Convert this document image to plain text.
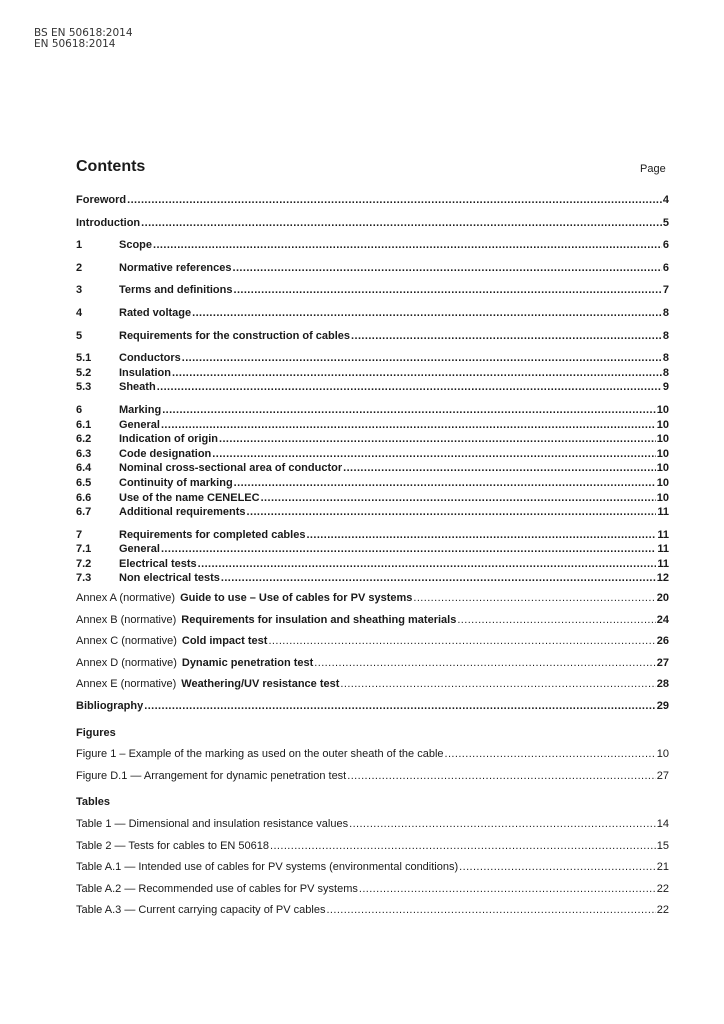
BS EN 50618:2014
EN 50618:2014
Contents	Page
Foreword .....	4
Introduction .....	5
1	Scope .....	6
2	Normative references .....	6
3	Terms and definitions .....	7
4	Rated voltage .....	8
5	Requirements for the construction of cables .....	8
5.1	Conductors .....	8
5.2	Insulation .....	8
5.3	Sheath .....	9
6	Marking .....	10
6.1	General .....	10
6.2	Indication of origin .....	10
6.3	Code designation .....	10
6.4	Nominal cross-sectional area of conductor .....	10
6.5	Continuity of marking .....	10
6.6	Use of the name CENELEC .....	10
6.7	Additional requirements .....	11
7	Requirements for completed cables .....	11
7.1	General .....	11
7.2	Electrical tests .....	11
7.3	Non electrical tests .....	12
Annex A (normative) Guide to use – Use of cables for PV systems .....	20
Annex B (normative) Requirements for insulation and sheathing materials .....	24
Annex C (normative) Cold impact test .....	26
Annex D (normative) Dynamic penetration test .....	27
Annex E (normative) Weathering/UV resistance test .....	28
Bibliography .....	29
Figures
Figure 1 – Example of the marking as used on the outer sheath of the cable .....	10
Figure D.1 — Arrangement for dynamic penetration test .....	27
Tables
Table 1 — Dimensional and insulation resistance values .....	14
Table 2 — Tests for cables to EN 50618 .....	15
Table A.1 — Intended use of cables for PV systems (environmental conditions) .....	21
Table A.2 — Recommended use of cables for PV systems .....	22
Table A.3 — Current carrying capacity of PV cables .....	22
